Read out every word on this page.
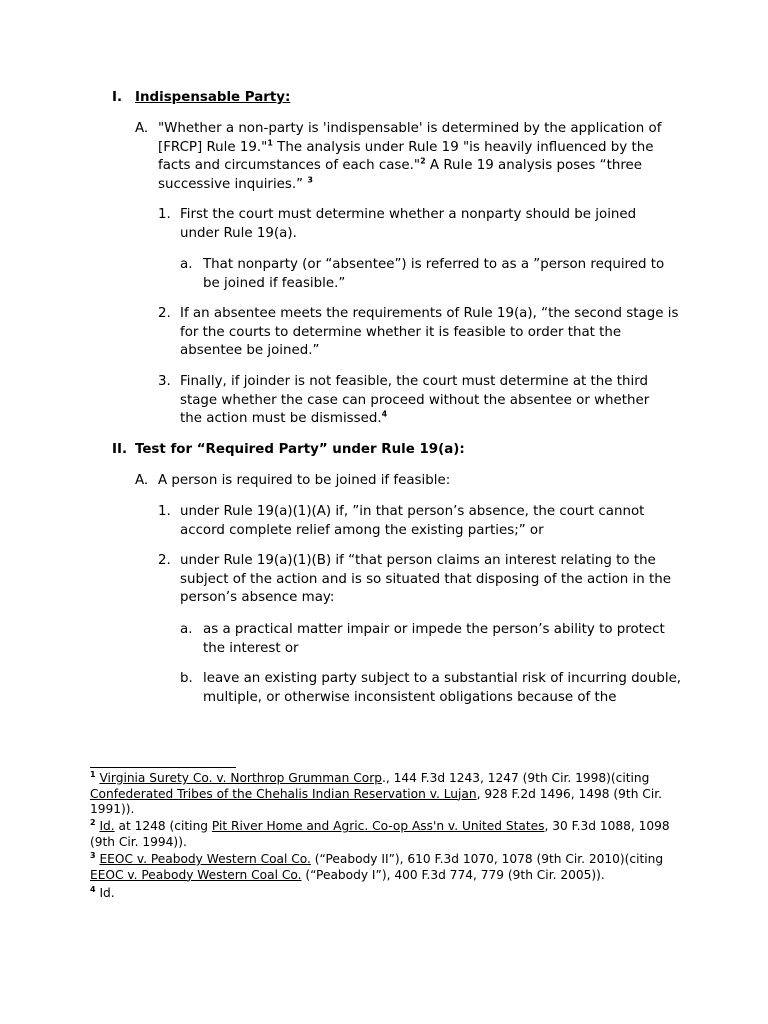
I. Indispensable Party:
A. "Whether a non-party is 'indispensable' is determined by the application of [FRCP] Rule 19."$^1$ The analysis under Rule 19 "is heavily influenced by the facts and circumstances of each case."$^2$ A Rule 19 analysis poses “three successive inquiries.” $^3$
1. First the court must determine whether a nonparty should be joined under Rule 19(a).
a. That nonparty (or “absentee”) is referred to as a ”person required to be joined if feasible.”
2. If an absentee meets the requirements of Rule 19(a), “the second stage is for the courts to determine whether it is feasible to order that the absentee be joined.”
3. Finally, if joinder is not feasible, the court must determine at the third stage whether the case can proceed without the absentee or whether the action must be dismissed.$^4$
II. Test for “Required Party” under Rule 19(a):
A. A person is required to be joined if feasible:
1. under Rule 19(a)(1)(A) if, ”in that person’s absence, the court cannot accord complete relief among the existing parties;” or
2. under Rule 19(a)(1)(B) if “that person claims an interest relating to the subject of the action and is so situated that disposing of the action in the person’s absence may:
a. as a practical matter impair or impede the person’s ability to protect the interest or
b. leave an existing party subject to a substantial risk of incurring double, multiple, or otherwise inconsistent obligations because of the
$^1$ Virginia Surety Co. v. Northrop Grumman Corp., 144 F.3d 1243, 1247 (9th Cir. 1998)(citing Confederated Tribes of the Chehalis Indian Reservation v. Lujan, 928 F.2d 1496, 1498 (9th Cir. 1991)).
$^2$ Id. at 1248 (citing Pit River Home and Agric. Co-op Ass'n v. United States, 30 F.3d 1088, 1098 (9th Cir. 1994)).
$^3$ EEOC v. Peabody Western Coal Co. (“Peabody II”), 610 F.3d 1070, 1078 (9th Cir. 2010)(citing EEOC v. Peabody Western Coal Co. (“Peabody I”), 400 F.3d 774, 779 (9th Cir. 2005)).
$^4$ Id.
